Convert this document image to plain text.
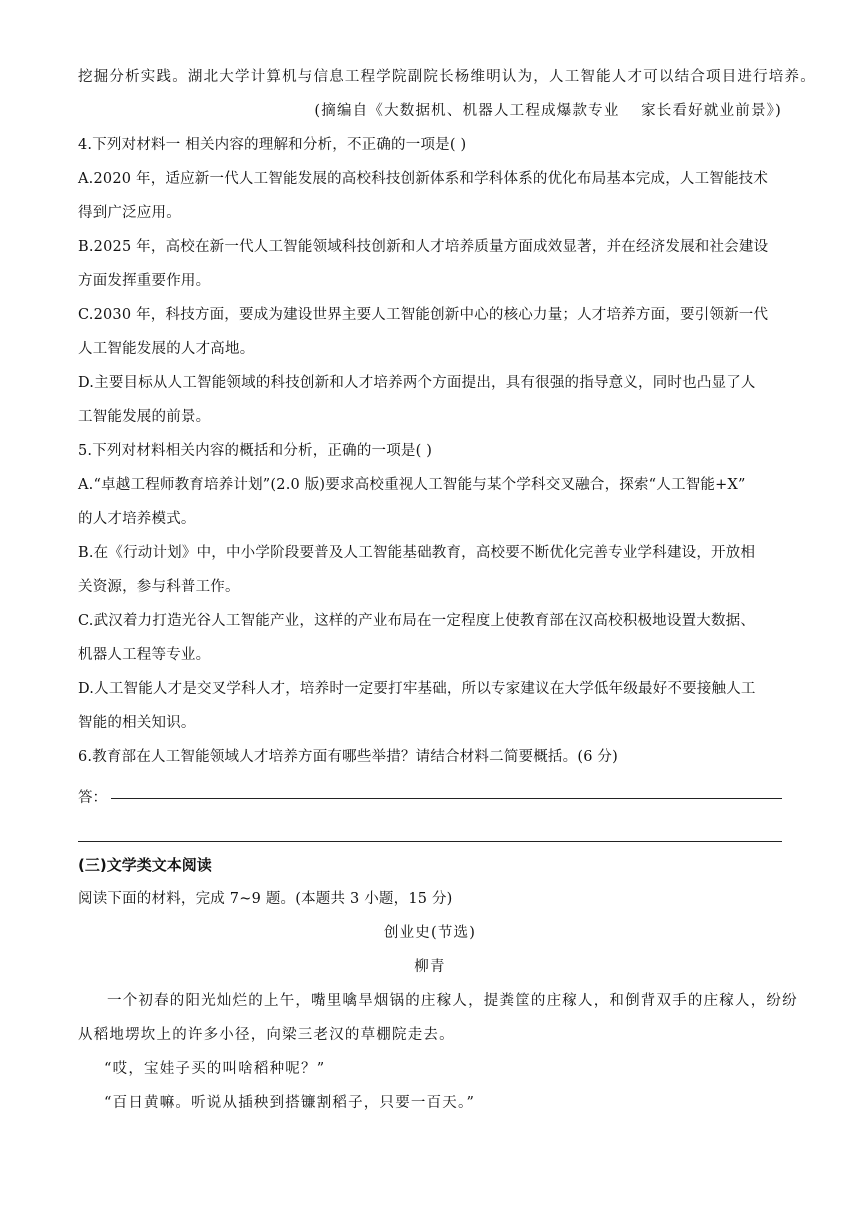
挖掘分析实践。湖北大学计算机与信息工程学院副院长杨维明认为，人工智能人才可以结合项目进行培养。
(摘编自《大数据机、机器人工程成爆款专业　 家长看好就业前景》)
4.下列对材料一 相关内容的理解和分析，不正确的一项是( )
A.2020 年，适应新一代人工智能发展的高校科技创新体系和学科体系的优化布局基本完成，人工智能技术
得到广泛应用。
B.2025 年，高校在新一代人工智能领域科技创新和人才培养质量方面成效显著，并在经济发展和社会建设
方面发挥重要作用。
C.2030 年，科技方面，要成为建设世界主要人工智能创新中心的核心力量；人才培养方面，要引领新一代
人工智能发展的人才高地。
D.主要目标从人工智能领域的科技创新和人才培养两个方面提出，具有很强的指导意义，同时也凸显了人
工智能发展的前景。
5.下列对材料相关内容的概括和分析，正确的一项是( )
A.“卓越工程师教育培养计划”(2.0 版)要求高校重视人工智能与某个学科交叉融合，探索“人工智能+X”
的人才培养模式。
B.在《行动计划》中，中小学阶段要普及人工智能基础教育，高校要不断优化完善专业学科建设，开放相
关资源，参与科普工作。
C.武汉着力打造光谷人工智能产业，这样的产业布局在一定程度上使教育部在汉高校积极地设置大数据、
机器人工程等专业。
D.人工智能人才是交叉学科人才，培养时一定要打牢基础，所以专家建议在大学低年级最好不要接触人工
智能的相关知识。
6.教育部在人工智能领域人才培养方面有哪些举措？请结合材料二简要概括。(6 分)
答：
(三)文学类文本阅读
阅读下面的材料，完成 7~9 题。(本题共 3 小题，15 分)
创业史(节选)
柳青
一个初春的阳光灿烂的上午，嘴里噙旱烟锅的庄稼人，提粪筐的庄稼人，和倒背双手的庄稼人，纷纷
从稻地塄坎上的许多小径，向梁三老汉的草棚院走去。
“哎，宝娃子买的叫啥稻种呢？”
“百日黄嘛。听说从插秧到搭镰割稻子，只要一百天。”
